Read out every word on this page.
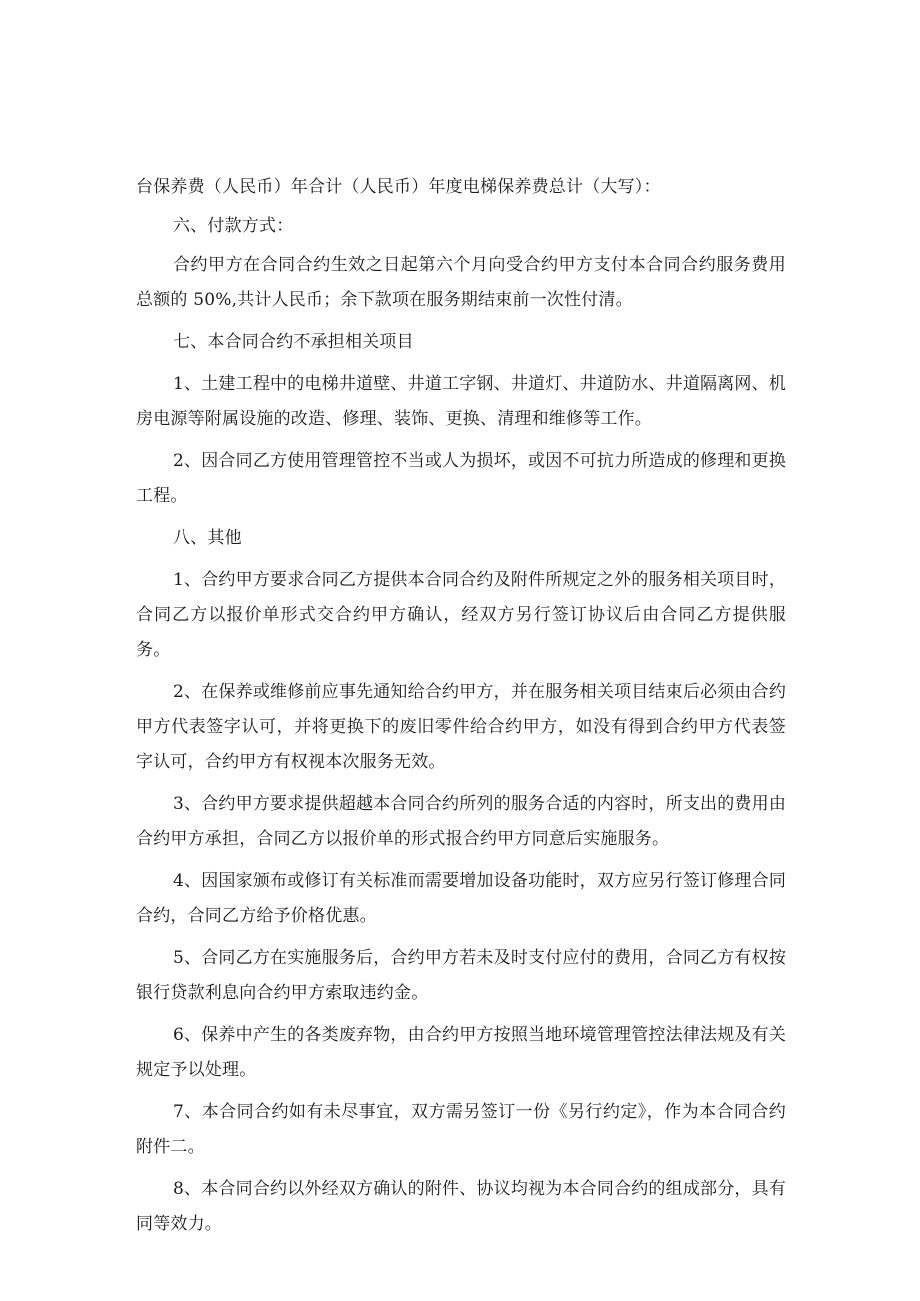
台保养费（人民币）年合计（人民币）年度电梯保养费总计（大写）：

六、付款方式：

合约甲方在合同合约生效之日起第六个月向受合约甲方支付本合同合约服务费用总额的 50%,共计人民币；余下款项在服务期结束前一次性付清。

七、本合同合约不承担相关项目

1、土建工程中的电梯井道壁、井道工字钢、井道灯、井道防水、井道隔离网、机房电源等附属设施的改造、修理、装饰、更换、清理和维修等工作。

2、因合同乙方使用管理管控不当或人为损坏，或因不可抗力所造成的修理和更换工程。

八、其他

1、合约甲方要求合同乙方提供本合同合约及附件所规定之外的服务相关项目时，合同乙方以报价单形式交合约甲方确认，经双方另行签订协议后由合同乙方提供服务。

2、在保养或维修前应事先通知给合约甲方，并在服务相关项目结束后必须由合约甲方代表签字认可，并将更换下的废旧零件给合约甲方，如没有得到合约甲方代表签字认可，合约甲方有权视本次服务无效。

3、合约甲方要求提供超越本合同合约所列的服务合适的内容时，所支出的费用由合约甲方承担，合同乙方以报价单的形式报合约甲方同意后实施服务。

4、因国家颁布或修订有关标准而需要增加设备功能时，双方应另行签订修理合同合约，合同乙方给予价格优惠。

5、合同乙方在实施服务后，合约甲方若未及时支付应付的费用，合同乙方有权按银行贷款利息向合约甲方索取违约金。

6、保养中产生的各类废弃物，由合约甲方按照当地环境管理管控法律法规及有关规定予以处理。

7、本合同合约如有未尽事宜，双方需另签订一份《另行约定》，作为本合同合约附件二。

8、本合同合约以外经双方确认的附件、协议均视为本合同合约的组成部分，具有同等效力。
